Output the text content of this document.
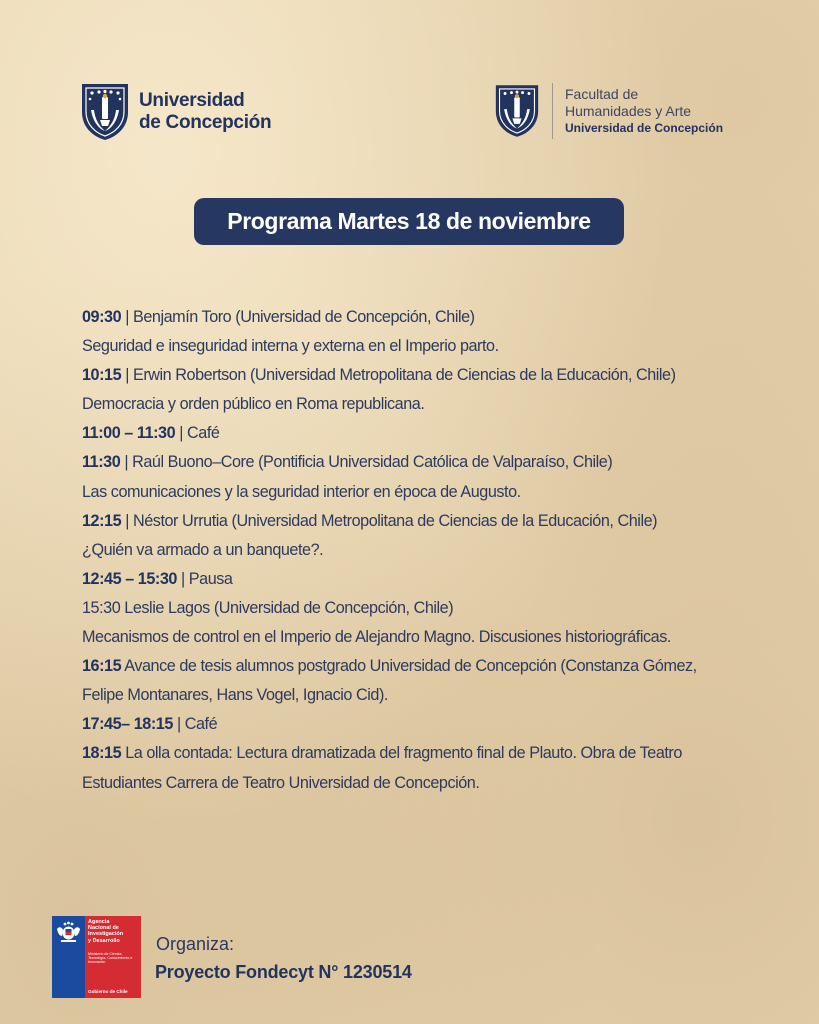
Universidad
de Concepción
Facultad de
Humanidades y Arte
Universidad de Concepción
Programa Martes 18 de noviembre
09:30 | Benjamín Toro (Universidad de Concepción, Chile)
Seguridad e inseguridad interna y externa en el Imperio parto.
10:15 | Erwin Robertson (Universidad Metropolitana de Ciencias de la Educación, Chile)
Democracia y orden público en Roma republicana.
11:00 – 11:30 | Café
11:30 | Raúl Buono–Core (Pontificia Universidad Católica de Valparaíso, Chile)
Las comunicaciones y la seguridad interior en época de Augusto.
12:15 | Néstor Urrutia (Universidad Metropolitana de Ciencias de la Educación, Chile)
¿Quién va armado a un banquete?.
12:45 – 15:30 | Pausa
15:30 Leslie Lagos (Universidad de Concepción, Chile)
Mecanismos de control en el Imperio de Alejandro Magno. Discusiones historiográficas.
16:15 Avance de tesis alumnos postgrado Universidad de Concepción (Constanza Gómez,
Felipe Montanares, Hans Vogel, Ignacio Cid).
17:45– 18:15 | Café
18:15 La olla contada: Lectura dramatizada del fragmento final de Plauto. Obra de Teatro
Estudiantes Carrera de Teatro Universidad de Concepción.
Agencia
Nacional de
Investigación
y Desarrollo
Ministerio de Ciencia, Tecnología, Conocimiento e Innovación
Gobierno de Chile
Organiza:
Proyecto Fondecyt N° 1230514
